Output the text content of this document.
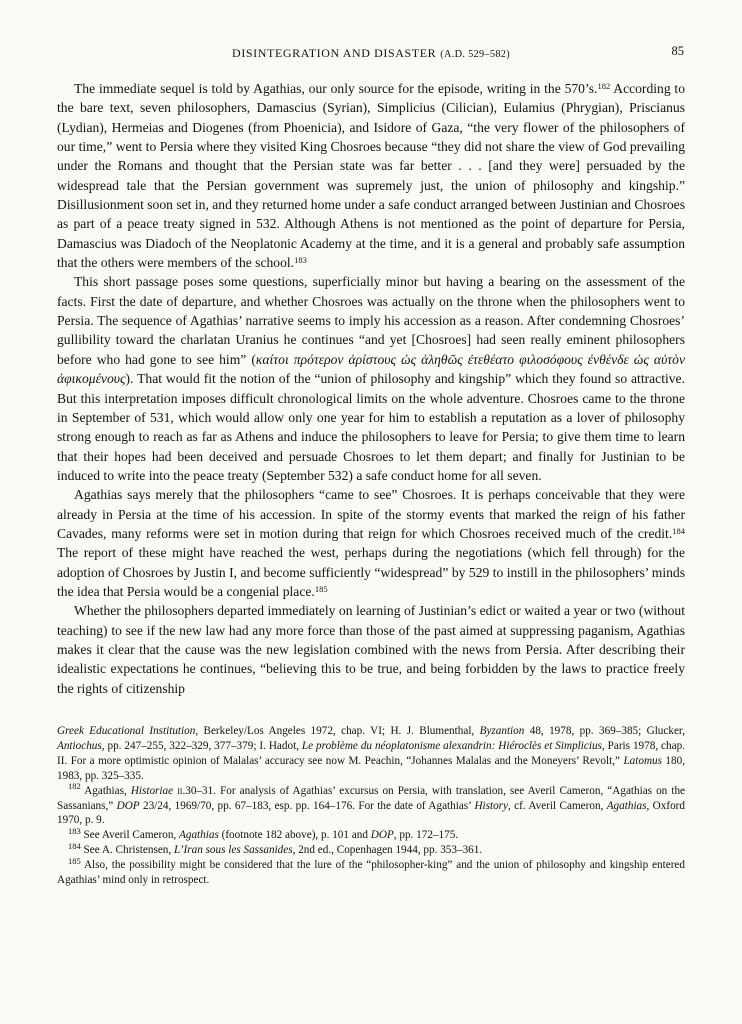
DISINTEGRATION AND DISASTER (A.D. 529–582)	85

The immediate sequel is told by Agathias, our only source for the episode, writing in the 570’s.$^{182}$ According to the bare text, seven philosophers, Damascius (Syrian), Simplicius (Cilician), Eulamius (Phrygian), Priscianus (Lydian), Hermeias and Diogenes (from Phoenicia), and Isidore of Gaza, “the very flower of the philosophers of our time,” went to Persia where they visited King Chosroes because “they did not share the view of God prevailing under the Romans and thought that the Persian state was far better . . . [and they were] persuaded by the widespread tale that the Persian government was supremely just, the union of philosophy and kingship.” Disillusionment soon set in, and they returned home under a safe conduct arranged between Justinian and Chosroes as part of a peace treaty signed in 532. Although Athens is not mentioned as the point of departure for Persia, Damascius was Diadoch of the Neoplatonic Academy at the time, and it is a general and probably safe assumption that the others were members of the school.$^{183}$

This short passage poses some questions, superficially minor but having a bearing on the assessment of the facts. First the date of departure, and whether Chosroes was actually on the throne when the philosophers went to Persia. The sequence of Agathias’ narrative seems to imply his accession as a reason. After condemning Chosroes’ gullibility toward the charlatan Uranius he continues “and yet [Chosroes] had seen really eminent philosophers before who had gone to see him” (καίτοι πρότερον ἀρίστους ὡς ἀληθῶς ἐτεθέατο φιλοσόφους ἐνθένδε ὡς αὐτὸν ἀφικομένους). That would fit the notion of the “union of philosophy and kingship” which they found so attractive. But this interpretation imposes difficult chronological limits on the whole adventure. Chosroes came to the throne in September of 531, which would allow only one year for him to establish a reputation as a lover of philosophy strong enough to reach as far as Athens and induce the philosophers to leave for Persia; to give them time to learn that their hopes had been deceived and persuade Chosroes to let them depart; and finally for Justinian to be induced to write into the peace treaty (September 532) a safe conduct home for all seven.

Agathias says merely that the philosophers “came to see” Chosroes. It is perhaps conceivable that they were already in Persia at the time of his accession. In spite of the stormy events that marked the reign of his father Cavades, many reforms were set in motion during that reign for which Chosroes received much of the credit.$^{184}$ The report of these might have reached the west, perhaps during the negotiations (which fell through) for the adoption of Chosroes by Justin I, and become sufficiently “widespread” by 529 to instill in the philosophers’ minds the idea that Persia would be a congenial place.$^{185}$

Whether the philosophers departed immediately on learning of Justinian’s edict or waited a year or two (without teaching) to see if the new law had any more force than those of the past aimed at suppressing paganism, Agathias makes it clear that the cause was the new legislation combined with the news from Persia. After describing their idealistic expectations he continues, “believing this to be true, and being forbidden by the laws to practice freely the rights of citizenship

Greek Educational Institution, Berkeley/Los Angeles 1972, chap. VI; H. J. Blumenthal, Byzantion 48, 1978, pp. 369–385; Glucker, Antiochus, pp. 247–255, 322–329, 377–379; I. Hadot, Le problème du néoplatonisme alexandrin: Hiéroclès et Simplicius, Paris 1978, chap. II. For a more optimistic opinion of Malalas’ accuracy see now M. Peachin, “Johannes Malalas and the Moneyers’ Revolt,” Latomus 180, 1983, pp. 325–335.

$^{182}$ Agathias, Historiae ii.30–31. For analysis of Agathias’ excursus on Persia, with translation, see Averil Cameron, “Agathias on the Sassanians,” DOP 23/24, 1969/70, pp. 67–183, esp. pp. 164–176. For the date of Agathias’ History, cf. Averil Cameron, Agathias, Oxford 1970, p. 9.

$^{183}$ See Averil Cameron, Agathias (footnote 182 above), p. 101 and DOP, pp. 172–175.

$^{184}$ See A. Christensen, L’Iran sous les Sassanides, 2nd ed., Copenhagen 1944, pp. 353–361.

$^{185}$ Also, the possibility might be considered that the lure of the “philosopher-king” and the union of philosophy and kingship entered Agathias’ mind only in retrospect.
